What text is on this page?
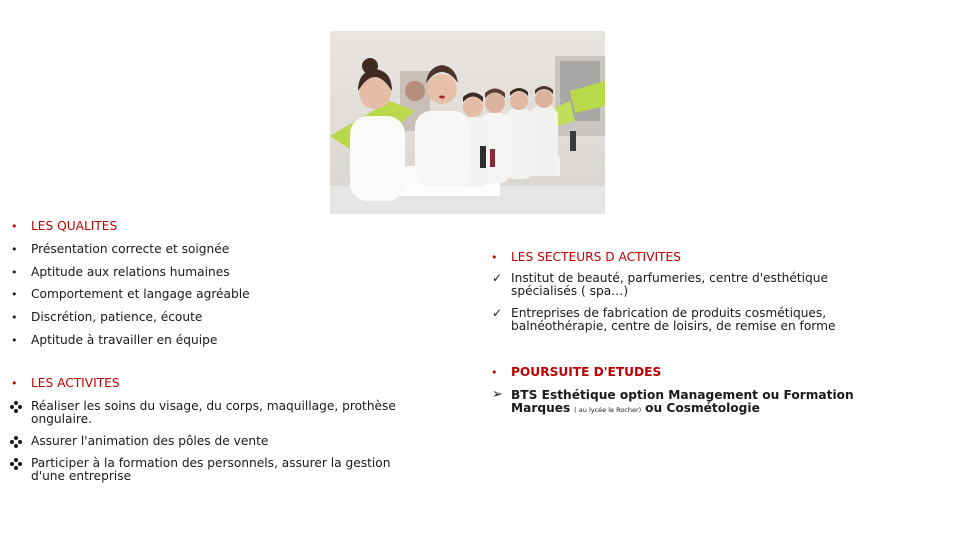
•	LES QUALITES
•	Présentation correcte et soignée
•	Aptitude aux relations humaines
•	Comportement et langage agréable
•	Discrétion, patience, écoute
•	Aptitude à travailler en équipe
•	LES ACTIVITES
Réaliser les soins du visage, du corps, maquillage, prothèse
ongulaire.
Assurer l'animation des pôles de vente
Participer à la formation des personnels, assurer la gestion
d'une entreprise
•	LES SECTEURS D ACTIVITES
✓ Institut de beauté, parfumeries, centre d'esthétique
spécialisés ( spa…)
✓ Entreprises de fabrication de produits cosmétiques,
balnéothérapie, centre de loisirs, de remise en forme
•	POURSUITE D'ETUDES
➢ BTS Esthétique option Management ou Formation
Marques ( au lycée le Rocher) ou Cosmétologie
